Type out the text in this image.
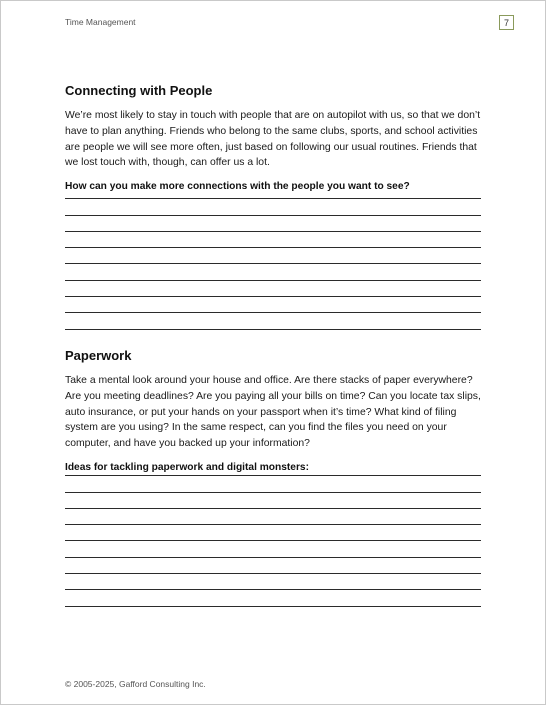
Time Management	7
Connecting with People

We’re most likely to stay in touch with people that are on autopilot with us, so that we don’t have to plan anything. Friends who belong to the same clubs, sports, and school activities are people we will see more often, just based on following our usual routines. Friends that we lost touch with, though, can offer us a lot.

How can you make more connections with the people you want to see?

Paperwork

Take a mental look around your house and office. Are there stacks of paper everywhere? Are you meeting deadlines? Are you paying all your bills on time? Can you locate tax slips, auto insurance, or put your hands on your passport when it’s time? What kind of filing system are you using? In the same respect, can you find the files you need on your computer, and have you backed up your information?

Ideas for tackling paperwork and digital monsters:

© 2005-2025, Gafford Consulting Inc.
